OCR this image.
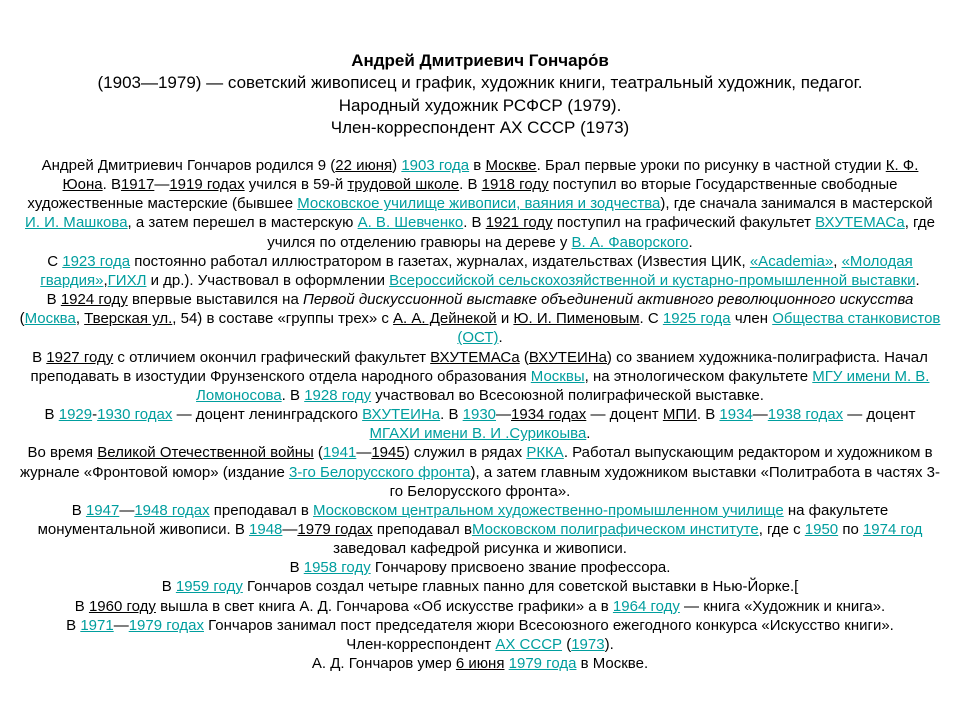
Андрей Дмитриевич Гончаро́в
(1903—1979) — советский живописец и график, художник книги, театральный художник, педагог.
Народный художник РСФСР (1979).
Член-корреспондент АХ СССР (1973)

Андрей Дмитриевич Гончаров родился 9 (22 июня) 1903 года в Москве. Брал первые уроки по рисунку в частной студии К. Ф. Юона. В1917—1919 годах учился в 59-й трудовой школе. В 1918 году поступил во вторые Государственные свободные художественные мастерские (бывшее Московское училище живописи, ваяния и зодчества), где сначала занимался в мастерской И. И. Машкова, а затем перешел в мастерскую А. В. Шевченко. В 1921 году поступил на графический факультет ВХУТЕМАСа, где учился по отделению гравюры на дереве у В. А. Фаворского.

С 1923 года постоянно работал иллюстратором в газетах, журналах, издательствах (Известия ЦИК, «Academia», «Молодая гвардия»,ГИХЛ и др.). Участвовал в оформлении Всероссийской сельскохозяйственной и кустарно-промышленной выставки.

В 1924 году впервые выставился на Первой дискуссионной выставке объединений активного революционного искусства (Москва, Тверская ул., 54) в составе «группы трех» с А. А. Дейнекой и Ю. И. Пименовым. С 1925 года член Общества станковистов (ОСТ).

В 1927 году с отличием окончил графический факультет ВХУТЕМАСа (ВХУТЕИНа) со званием художника-полиграфиста. Начал преподавать в изостудии Фрунзенского отдела народного образования Москвы, на этнологическом факультете МГУ имени М. В. Ломоносова. В 1928 году участвовал во Всесоюзной полиграфической выставке.

В 1929-1930 годах — доцент ленинградского ВХУТЕИНа. В 1930—1934 годах — доцент МПИ. В 1934—1938 годах — доцент МГАХИ имени В. И .Сурикоыва.

Во время Великой Отечественной войны (1941—1945) служил в рядах РККА. Работал выпускающим редактором и художником в журнале «Фронтовой юмор» (издание 3-го Белорусского фронта), а затем главным художником выставки «Политработа в частях 3-го Белорусского фронта».

В 1947—1948 годах преподавал в Московском центральном художественно-промышленном училище на факультете монументальной живописи. В 1948—1979 годах преподавал вМосковском полиграфическом институте, где с 1950 по 1974 год заведовал кафедрой рисунка и живописи.

В 1958 году Гончарову присвоено звание профессора.

В 1959 году Гончаров создал четыре главных панно для советской выставки в Нью-Йорке.[

В 1960 году вышла в свет книга А. Д. Гончарова «Об искусстве графики» а в 1964 году — книга «Художник и книга».

В 1971—1979 годах Гончаров занимал пост председателя жюри Всесоюзного ежегодного конкурса «Искусство книги».

Член-корреспондент АХ СССР (1973).

А. Д. Гончаров умер 6 июня 1979 года в Москве.
